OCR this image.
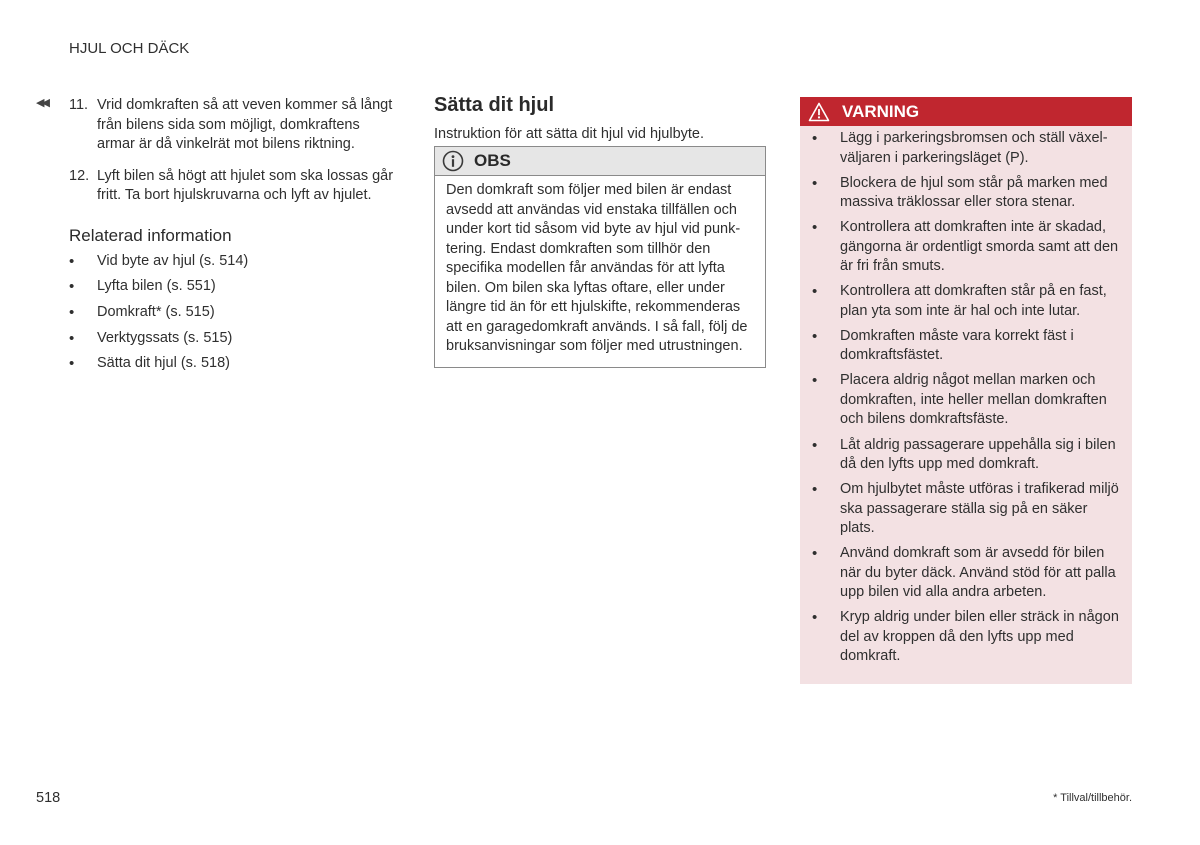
HJUL OCH DÄCK
◀◀ 11. Vrid domkraften så att veven kommer så långt från bilens sida som möjligt, domkraftens armar är då vinkelrät mot bilens riktning.
12. Lyft bilen så högt att hjulet som ska lossas går fritt. Ta bort hjulskruvarna och lyft av hjulet.
Relaterad information
• Vid byte av hjul (s. 514)
• Lyfta bilen (s. 551)
• Domkraft* (s. 515)
• Verktygssats (s. 515)
• Sätta dit hjul (s. 518)
Sätta dit hjul
Instruktion för att sätta dit hjul vid hjulbyte.
OBS
Den domkraft som följer med bilen är endast avsedd att användas vid enstaka tillfällen och under kort tid såsom vid byte av hjul vid punktering. Endast domkraften som tillhör den specifika modellen får användas för att lyfta bilen. Om bilen ska lyftas oftare, eller under längre tid än för ett hjulskifte, rekommenderas att en garagedomkraft används. I så fall, följ de bruksanvisningar som följer med utrustningen.
VARNING
• Lägg i parkeringsbromsen och ställ växelväljaren i parkeringsläget (P).
• Blockera de hjul som står på marken med massiva träklossar eller stora stenar.
• Kontrollera att domkraften inte är skadad, gängorna är ordentligt smorda samt att den är fri från smuts.
• Kontrollera att domkraften står på en fast, plan yta som inte är hal och inte lutar.
• Domkraften måste vara korrekt fäst i domkraftsfästet.
• Placera aldrig något mellan marken och domkraften, inte heller mellan domkraften och bilens domkraftsfäste.
• Låt aldrig passagerare uppehålla sig i bilen då den lyfts upp med domkraft.
• Om hjulbytet måste utföras i trafikerad miljö ska passagerare ställa sig på en säker plats.
• Använd domkraft som är avsedd för bilen när du byter däck. Använd stöd för att palla upp bilen vid alla andra arbeten.
• Kryp aldrig under bilen eller sträck in någon del av kroppen då den lyfts upp med domkraft.
518	* Tillval/tillbehör.
